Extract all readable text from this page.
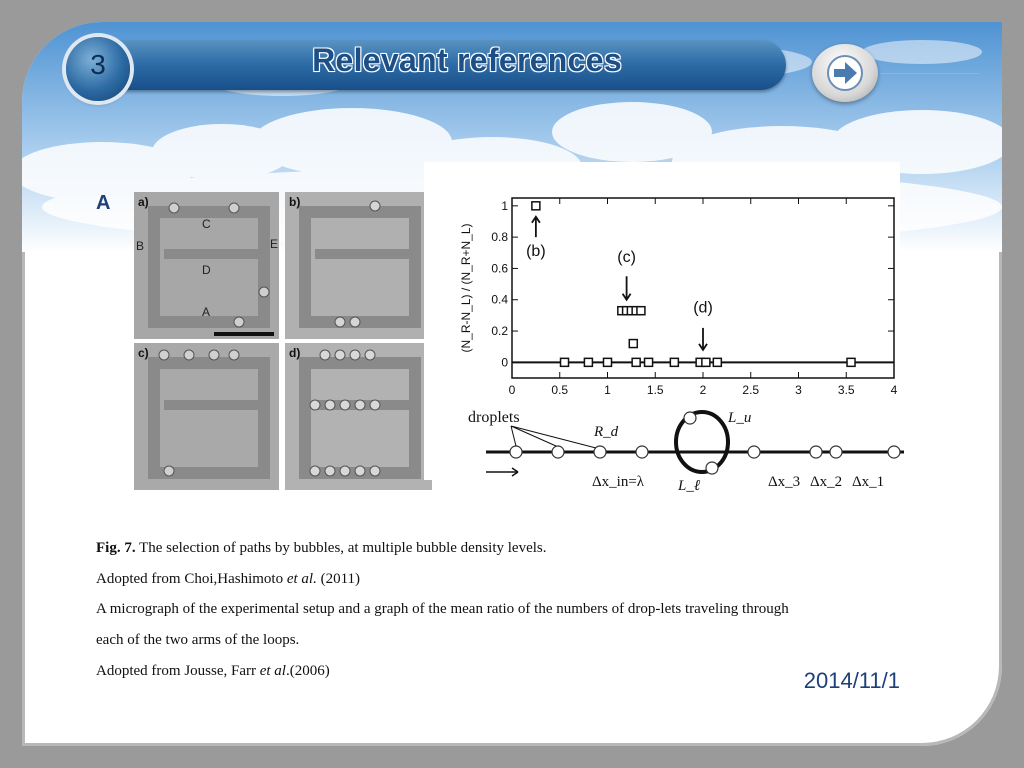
Relevant references
3
A a)
C
D
A
B	E
b)
c)	d)
0	0.5	1	1.5	2	2.5	3	3.5	4
0
0.2
0.4
0.6
0.8
1
(N_R-N_L) / (N_R+N_L)	(b)	(c)
(d)
droplets
R_d
L_u
L_ℓ
Δx_in=λ	Δx_3 Δx_2 Δx_1
Fig. 7. The selection of paths by bubbles, at multiple bubble density levels.
Adopted from Choi,Hashimoto et al. (2011)
A micrograph of the experimental setup and a graph of the mean ratio of the numbers of drop-lets traveling through
each of the two arms of the loops.
Adopted from Jousse, Farr et al.(2006)	2014/11/1
